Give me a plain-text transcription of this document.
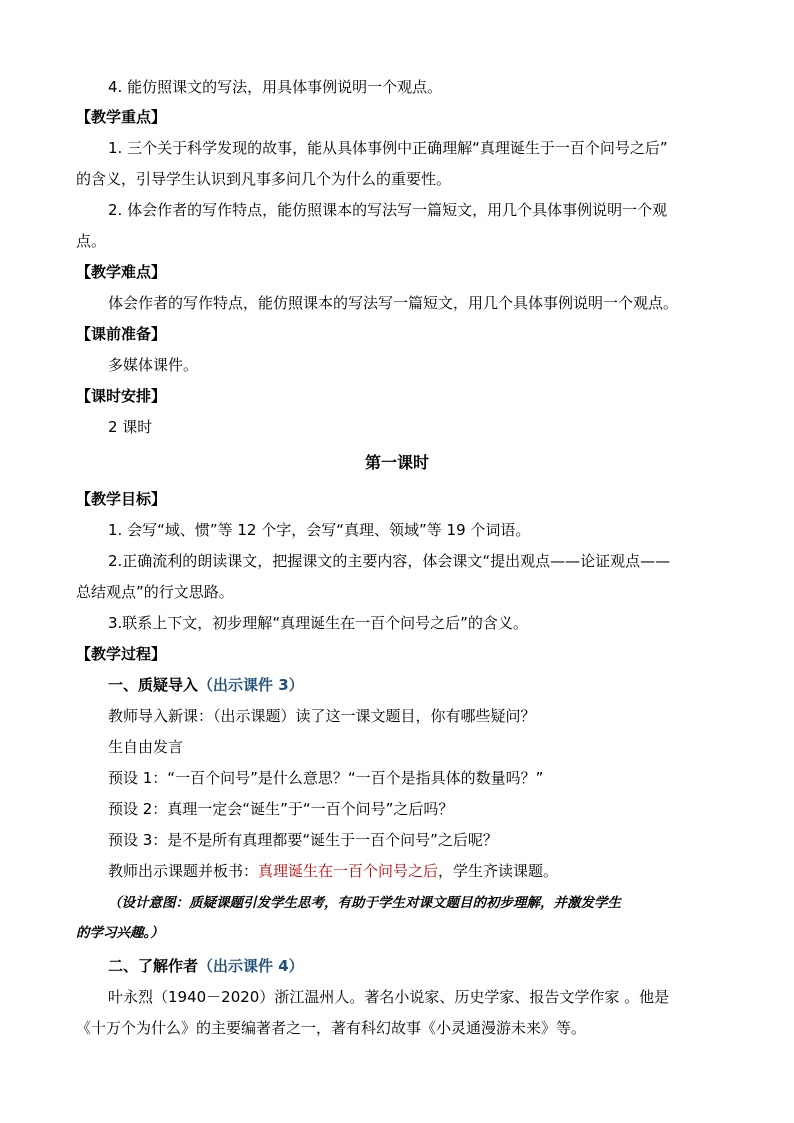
4. 能仿照课文的写法，用具体事例说明一个观点。
【教学重点】
1. 三个关于科学发现的故事，能从具体事例中正确理解“真理诞生于一百个问号之后”
的含义，引导学生认识到凡事多问几个为什么的重要性。
2. 体会作者的写作特点，能仿照课本的写法写一篇短文，用几个具体事例说明一个观
点。
【教学难点】
体会作者的写作特点，能仿照课本的写法写一篇短文，用几个具体事例说明一个观点。
【课前准备】
多媒体课件。
【课时安排】
2 课时
第一课时
【教学目标】
1. 会写“域、惯”等 12 个字，会写“真理、领域”等 19 个词语。
2.正确流利的朗读课文，把握课文的主要内容，体会课文“提出观点——论证观点——
总结观点”的行文思路。
3.联系上下文，初步理解“真理诞生在一百个问号之后”的含义。
【教学过程】
一、质疑导入（出示课件 3）
教师导入新课：（出示课题）读了这一课文题目，你有哪些疑问？
生自由发言
预设 1：“一百个问号”是什么意思？“一百个是指具体的数量吗？”
预设 2：真理一定会“诞生”于“一百个问号”之后吗？
预设 3：是不是所有真理都要“诞生于一百个问号”之后呢？
教师出示课题并板书：真理诞生在一百个问号之后，学生齐读课题。
（设计意图：质疑课题引发学生思考，有助于学生对课文题目的初步理解，并激发学生
的学习兴趣。）
二、了解作者（出示课件 4）
叶永烈（1940－2020）浙江温州人。著名小说家、历史学家、报告文学作家 。他是
《十万个为什么》的主要编著者之一，著有科幻故事《小灵通漫游未来》等。
